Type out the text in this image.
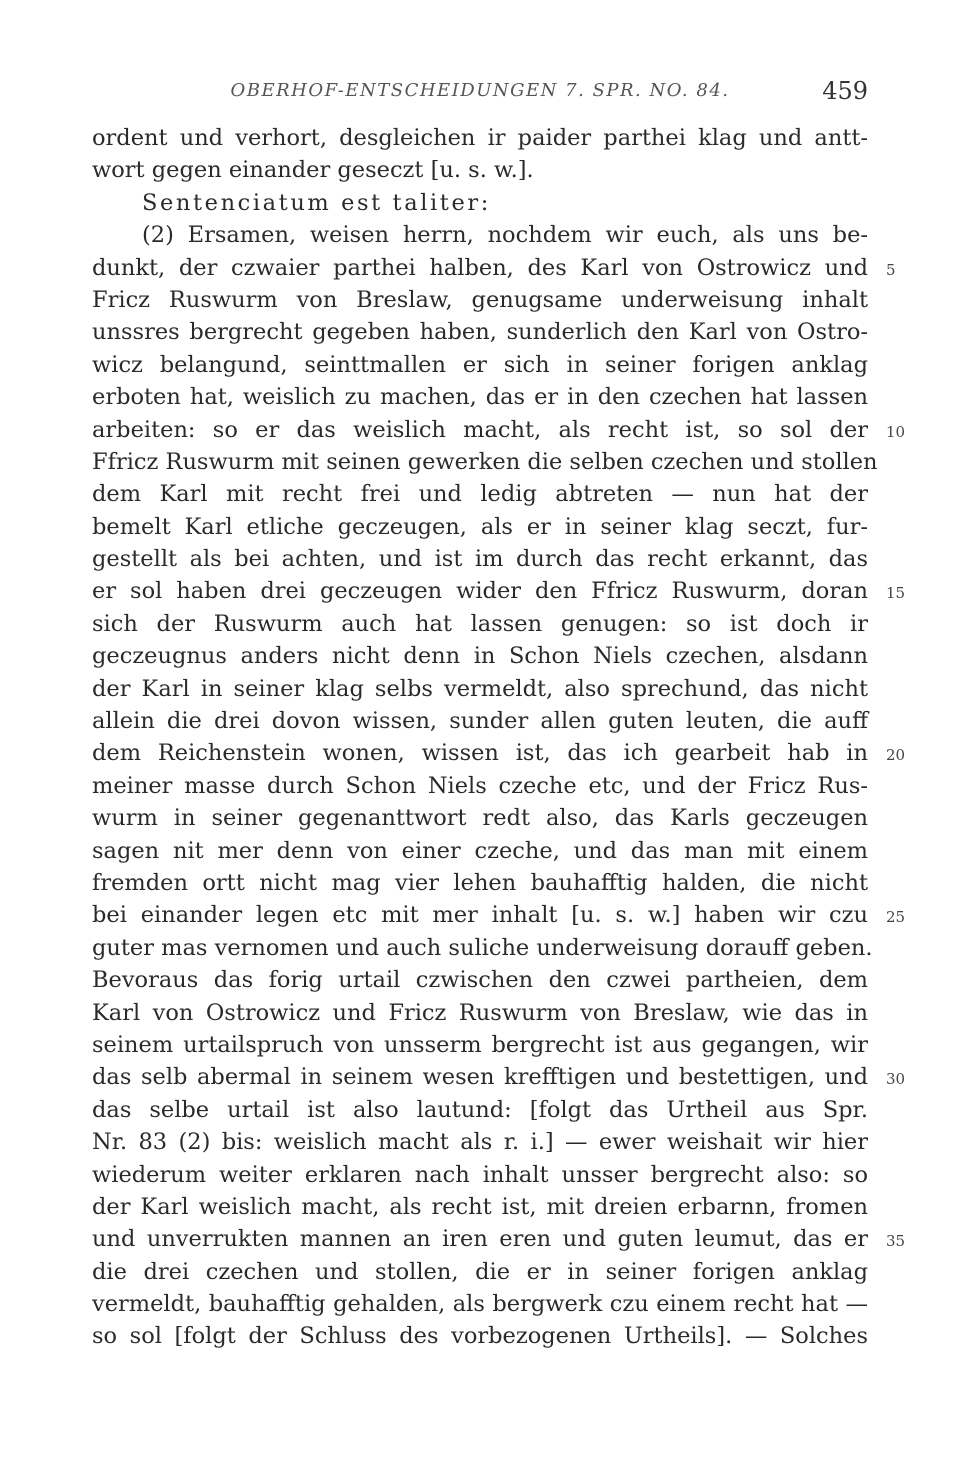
OBERHOF-ENTSCHEIDUNGEN 7. SPR. NO. 84.	459
ordent und verhort, desgleichen ir paider parthei klag und antt-
wort gegen einander geseczt [u. s. w.].
Sentenciatum est taliter:
(2) Ersamen, weisen herrn, nochdem wir euch, als uns be-
dunkt, der czwaier parthei halben, des Karl von Ostrowicz und 5
Fricz Ruswurm von Breslaw, genugsame underweisung inhalt
unssres bergrecht gegeben haben, sunderlich den Karl von Ostro-
wicz belangund, seinttmallen er sich in seiner forigen anklag
erboten hat, weislich zu machen, das er in den czechen hat lassen
arbeiten: so er das weislich macht, als recht ist, so sol der 10
Ffricz Ruswurm mit seinen gewerken die selben czechen und stollen
dem Karl mit recht frei und ledig abtreten — nun hat der
bemelt Karl etliche geczeugen, als er in seiner klag seczt, fur-
gestellt als bei achten, und ist im durch das recht erkannt, das
er sol haben drei geczeugen wider den Ffricz Ruswurm, doran 15
sich der Ruswurm auch hat lassen genugen: so ist doch ir
geczeugnus anders nicht denn in Schon Niels czechen, alsdann
der Karl in seiner klag selbs vermeldt, also sprechund, das nicht
allein die drei dovon wissen, sunder allen guten leuten, die auff
dem Reichenstein wonen, wissen ist, das ich gearbeit hab in 20
meiner masse durch Schon Niels czeche etc, und der Fricz Rus-
wurm in seiner gegenanttwort redt also, das Karls geczeugen
sagen nit mer denn von einer czeche, und das man mit einem
fremden ortt nicht mag vier lehen bauhafftig halden, die nicht
bei einander legen etc mit mer inhalt [u. s. w.] haben wir czu 25
guter mas vernomen und auch suliche underweisung dorauff geben.
Bevoraus das forig urtail czwischen den czwei partheien, dem
Karl von Ostrowicz und Fricz Ruswurm von Breslaw, wie das in
seinem urtailspruch von unsserm bergrecht ist aus gegangen, wir
das selb abermal in seinem wesen krefftigen und bestettigen, und 30
das selbe urtail ist also lautund: [folgt das Urtheil aus Spr.
Nr. 83 (2) bis: weislich macht als r. i.] — ewer weishait wir hier
wiederum weiter erklaren nach inhalt unsser bergrecht also: so
der Karl weislich macht, als recht ist, mit dreien erbarnn, fromen
und unverrukten mannen an iren eren und guten leumut, das er 35
die drei czechen und stollen, die er in seiner forigen anklag
vermeldt, bauhafftig gehalden, als bergwerk czu einem recht hat —
so sol [folgt der Schluss des vorbezogenen Urtheils]. — Solches
